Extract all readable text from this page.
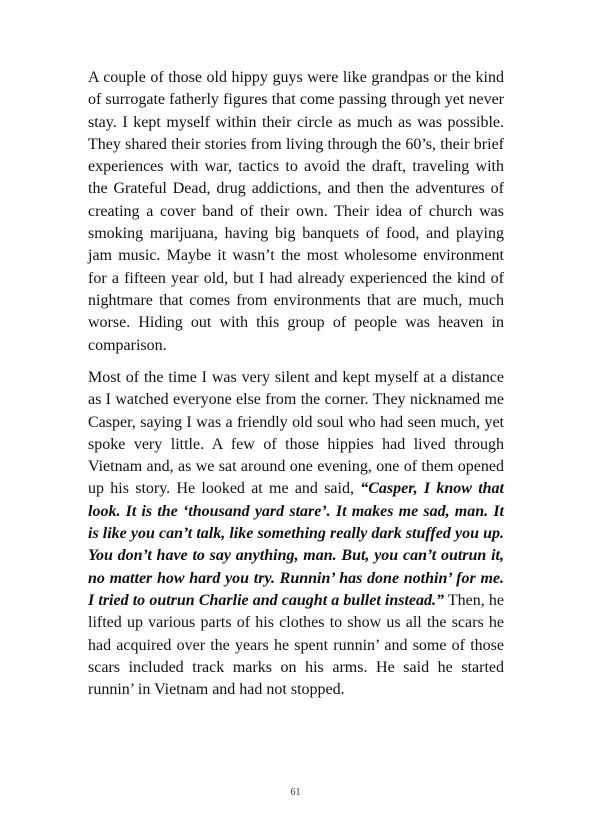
A couple of those old hippy guys were like grandpas or the kind of surrogate fatherly figures that come passing through yet never stay. I kept myself within their circle as much as was possible. They shared their stories from living through the 60’s, their brief experiences with war, tactics to avoid the draft, traveling with the Grateful Dead, drug addictions, and then the adventures of creating a cover band of their own. Their idea of church was smoking marijuana, having big banquets of food, and playing jam music. Maybe it wasn’t the most wholesome environment for a fifteen year old, but I had already experienced the kind of nightmare that comes from environments that are much, much worse. Hiding out with this group of people was heaven in comparison.

Most of the time I was very silent and kept myself at a distance as I watched everyone else from the corner. They nicknamed me Casper, saying I was a friendly old soul who had seen much, yet spoke very little. A few of those hippies had lived through Vietnam and, as we sat around one evening, one of them opened up his story. He looked at me and said, “Casper, I know that look. It is the ‘thousand yard stare’. It makes me sad, man. It is like you can’t talk, like something really dark stuffed you up. You don’t have to say anything, man. But, you can’t outrun it, no matter how hard you try. Runnin’ has done nothin’ for me. I tried to outrun Charlie and caught a bullet instead.” Then, he lifted up various parts of his clothes to show us all the scars he had acquired over the years he spent runnin’ and some of those scars included track marks on his arms. He said he started runnin’ in Vietnam and had not stopped.

61
